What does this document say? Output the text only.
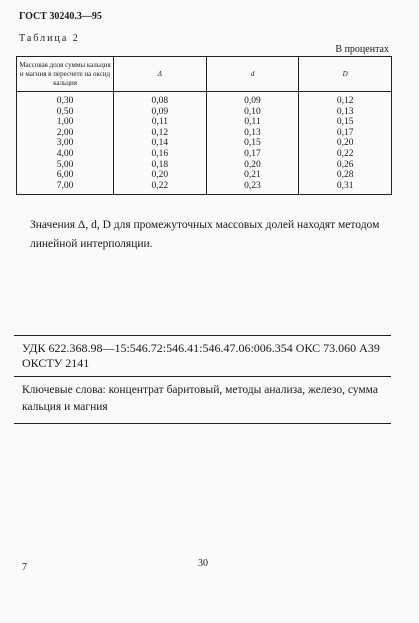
ГОСТ 30240.3—95
Таблица 2
В процентах
Массовая доля суммы кальция и магния в пересчете на оксид кальция	Δ	d	D
0,30	0,08	0,09	0,12
0,50	0,09	0,10	0,13
1,00	0,11	0,11	0,15
2,00	0,12	0,13	0,17
3,00	0,14	0,15	0,20
4,00	0,16	0,17	0,22
5,00	0,18	0,20	0,26
6,00	0,20	0,21	0,28
7,00	0,22	0,23	0,31
Значения Δ, d, D для промежуточных массовых долей находят методом линейной интерполяции.
УДК 622.368.98—15:546.72:546.41:546.47.06:006.354 ОКС 73.060 А39 ОКСТУ 2141
Ключевые слова: концентрат баритовый, методы анализа, железо, сумма кальция и магния
7	30
